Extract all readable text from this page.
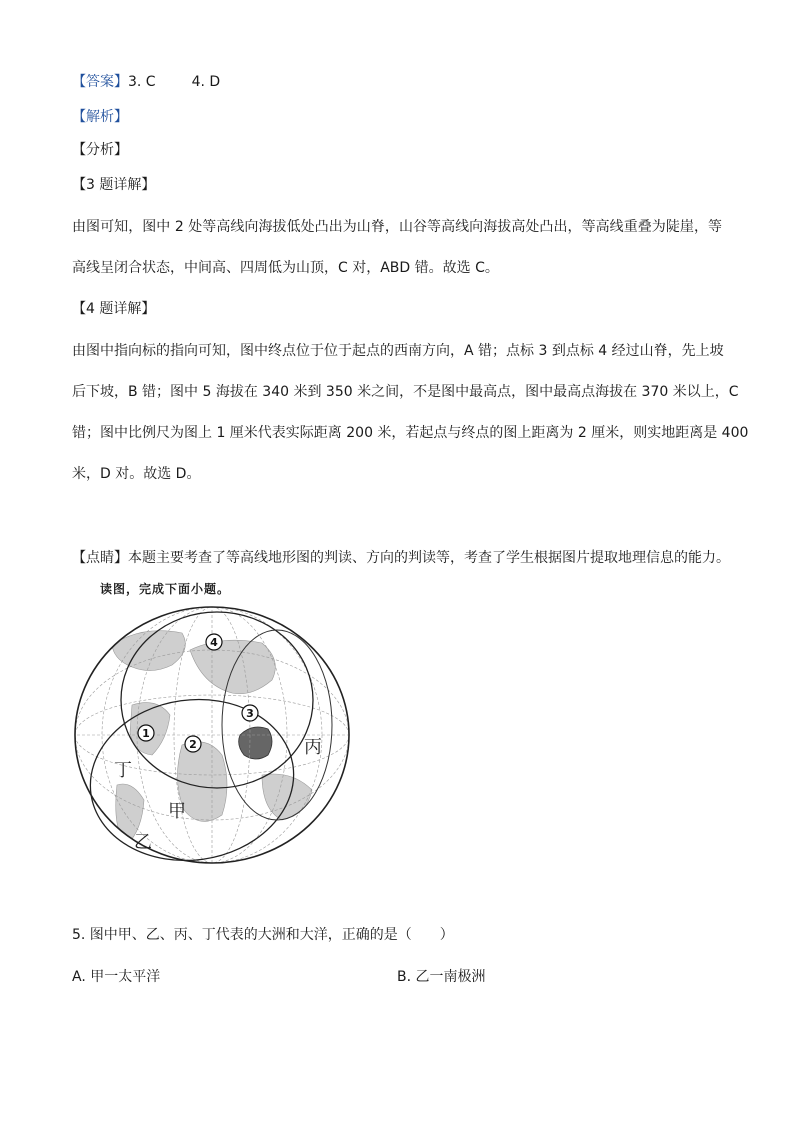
【答案】3. C	4. D
【解析】
【分析】
【3 题详解】
由图可知，图中 2 处等高线向海拔低处凸出为山脊，山谷等高线向海拔高处凸出，等高线重叠为陡崖，等
高线呈闭合状态，中间高、四周低为山顶，C 对，ABD 错。故选 C。
【4 题详解】
由图中指向标的指向可知，图中终点位于位于起点的西南方向，A 错；点标 3 到点标 4 经过山脊，先上坡
后下坡，B 错；图中 5 海拔在 340 米到 350 米之间，不是图中最高点，图中最高点海拔在 370 米以上，C
错；图中比例尺为图上 1 厘米代表实际距离 200 米，若起点与终点的图上距离为 2 厘米，则实地距离是 400
米，D 对。故选 D。
【点睛】本题主要考查了等高线地形图的判读、方向的判读等，考查了学生根据图片提取地理信息的能力。
读图，完成下面小题。
4
3
1
2	丙
丁
甲
乙
5. 图中甲、乙、丙、丁代表的大洲和大洋，正确的是（　　）
A. 甲一太平洋	B. 乙一南极洲
